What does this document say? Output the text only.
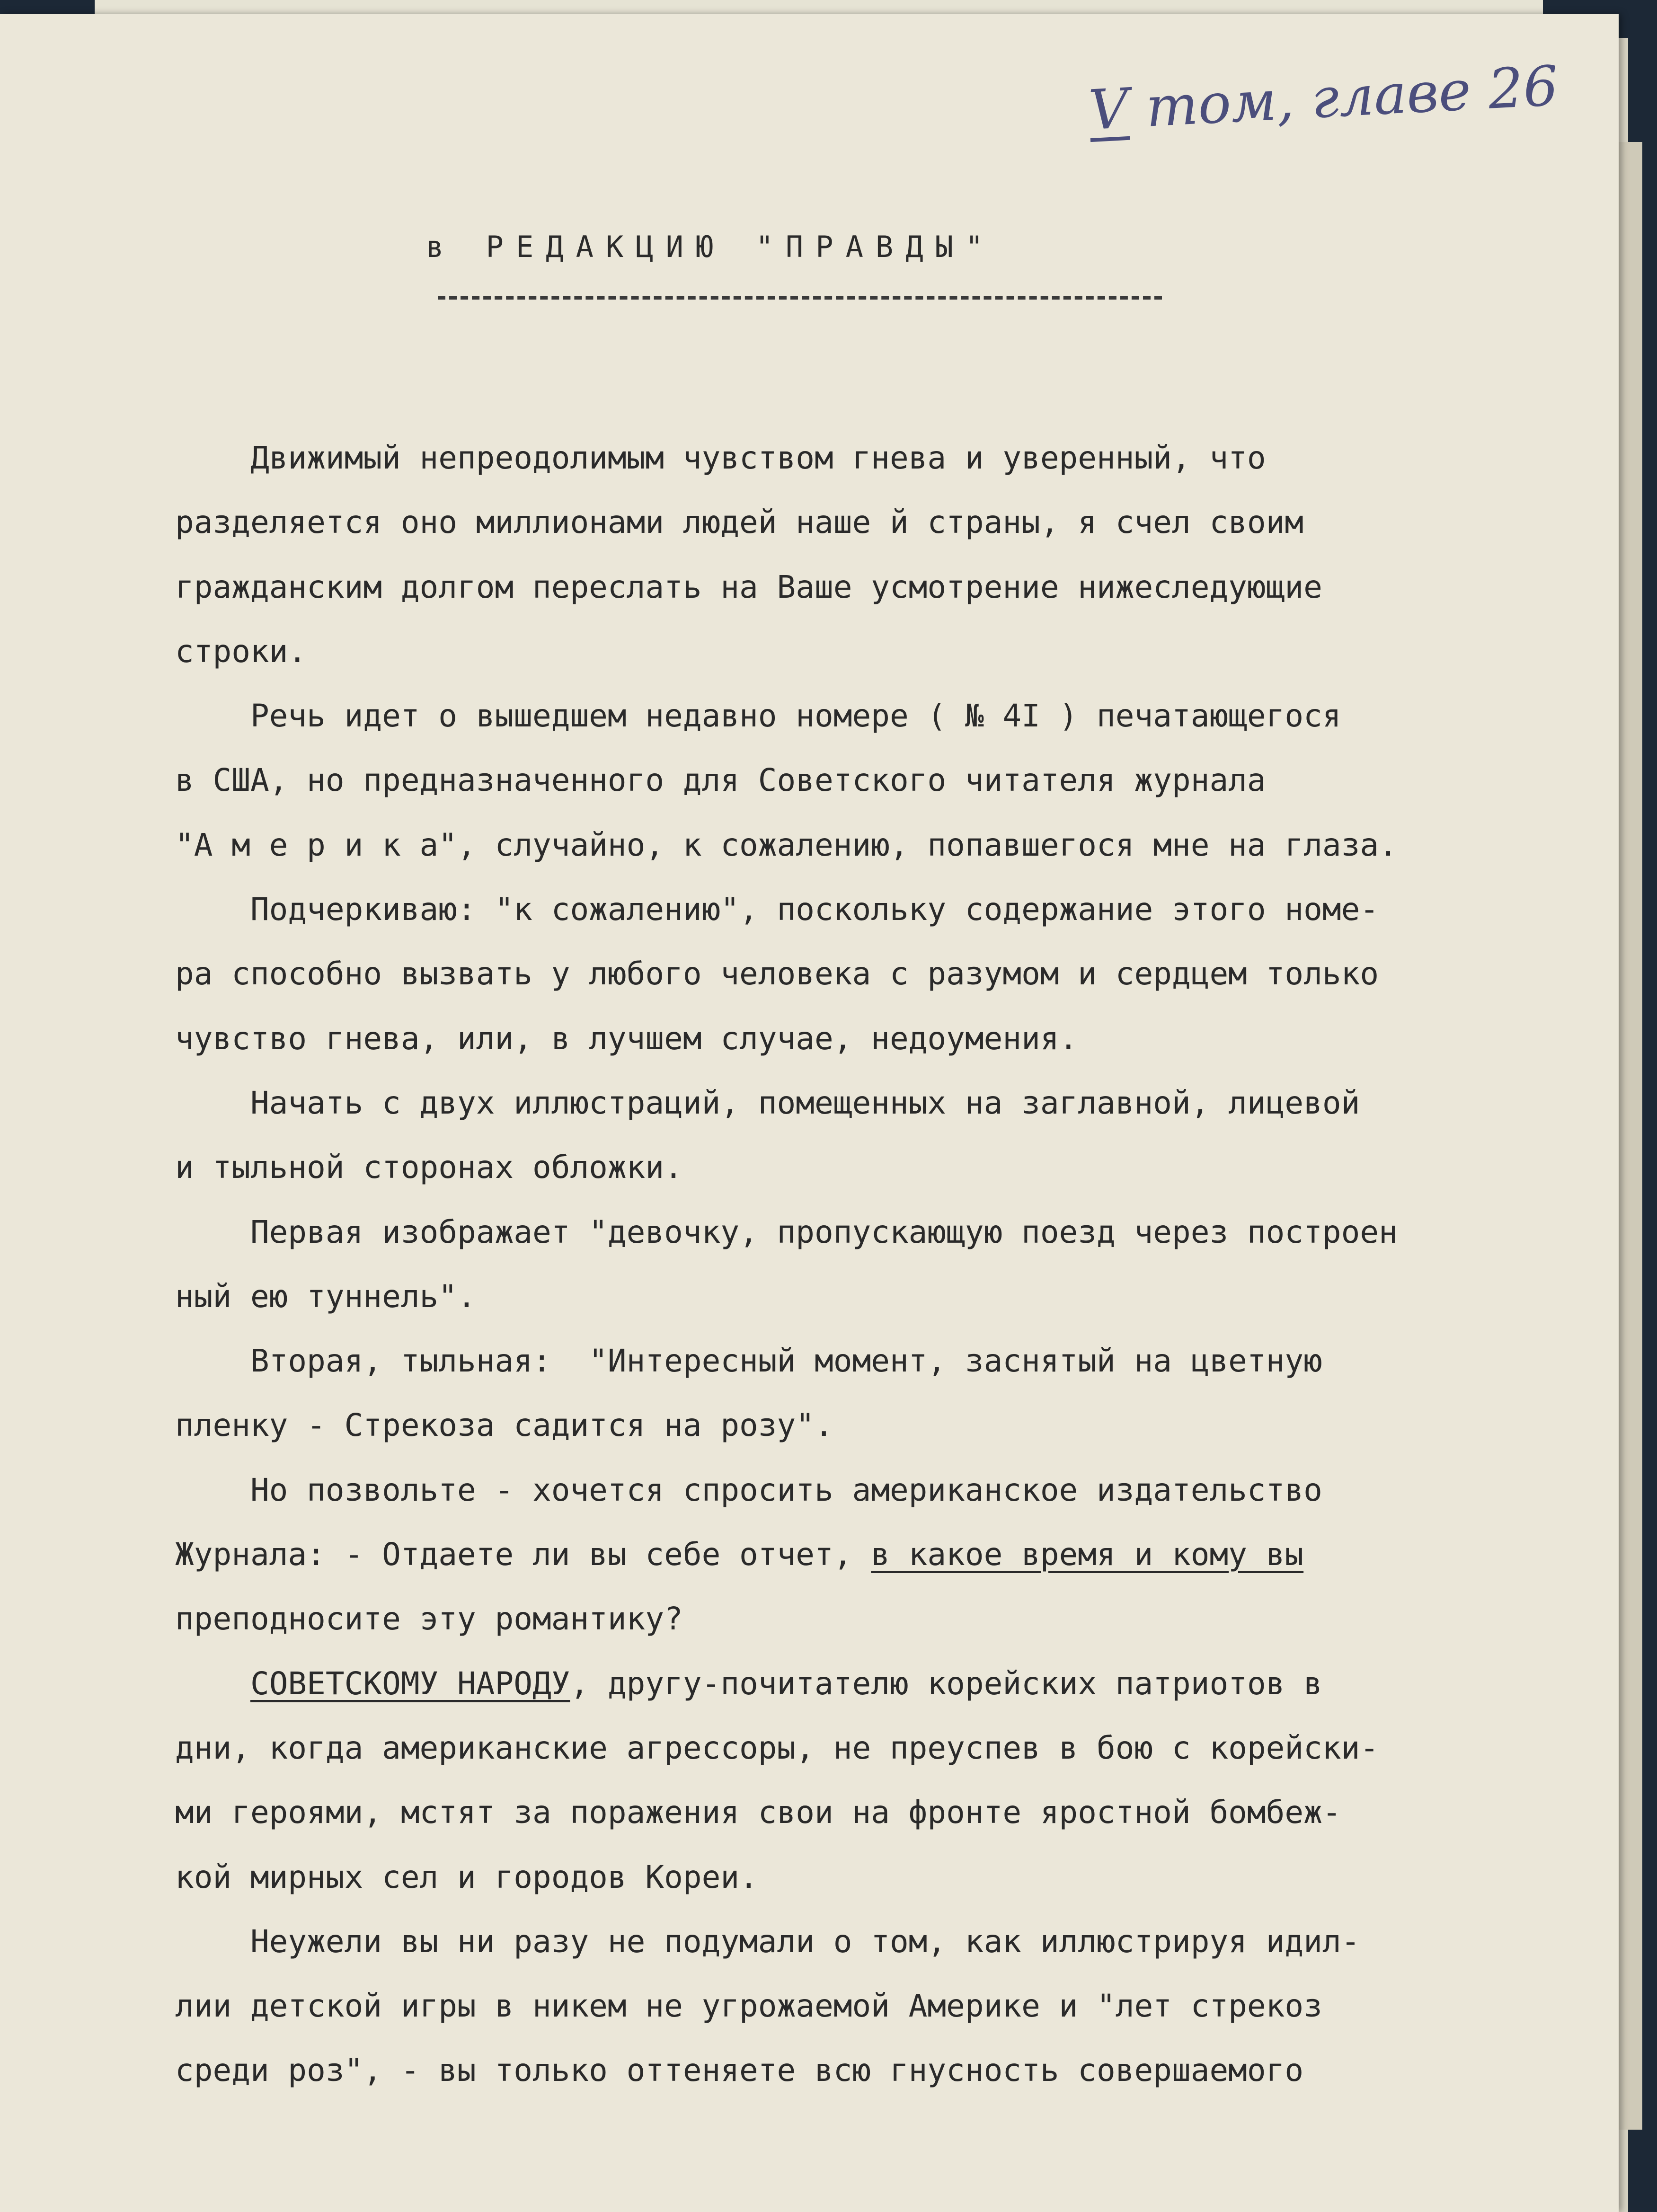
V том, главе 26
в РЕДАКЦИЮ "ПРАВДЫ"
Движимый непреодолимым чувством гнева и уверенный, что
разделяется оно миллионами людей наше й страны, я счел своим
гражданским долгом переслать на Ваше усмотрение нижеследующие
строки.
Речь идет о вышедшем недавно номере ( № 4I ) печатающегося
в США, но предназначенного для Советского читателя журнала
"А м е р и к а", случайно, к сожалению, попавшегося мне на глаза.
Подчеркиваю: "к сожалению", поскольку содержание этого номе-
ра способно вызвать у любого человека с разумом и сердцем только
чувство гнева, или, в лучшем случае, недоумения.
Начать с двух иллюстраций, помещенных на заглавной, лицевой
и тыльной сторонах обложки.
Первая изображает "девочку, пропускающую поезд через построен
ный ею туннель".
Вторая, тыльная:  "Интересный момент, заснятый на цветную
пленку - Стрекоза садится на розу".
Но позвольте - хочется спросить американское издательство
Журнала: - Отдаете ли вы себе отчет, в какое время и кому вы
преподносите эту романтику?
СОВЕТСКОМУ НАРОДУ, другу-почитателю корейских патриотов в
дни, когда американские агрессоры, не преуспев в бою с корейски-
ми героями, мстят за поражения свои на фронте яростной бомбеж-
кой мирных сел и городов Кореи.
Неужели вы ни разу не подумали о том, как иллюстрируя идил-
лии детской игры в никем не угрожаемой Америке и "лет стрекоз
среди роз", - вы только оттеняете всю гнусность совершаемого
